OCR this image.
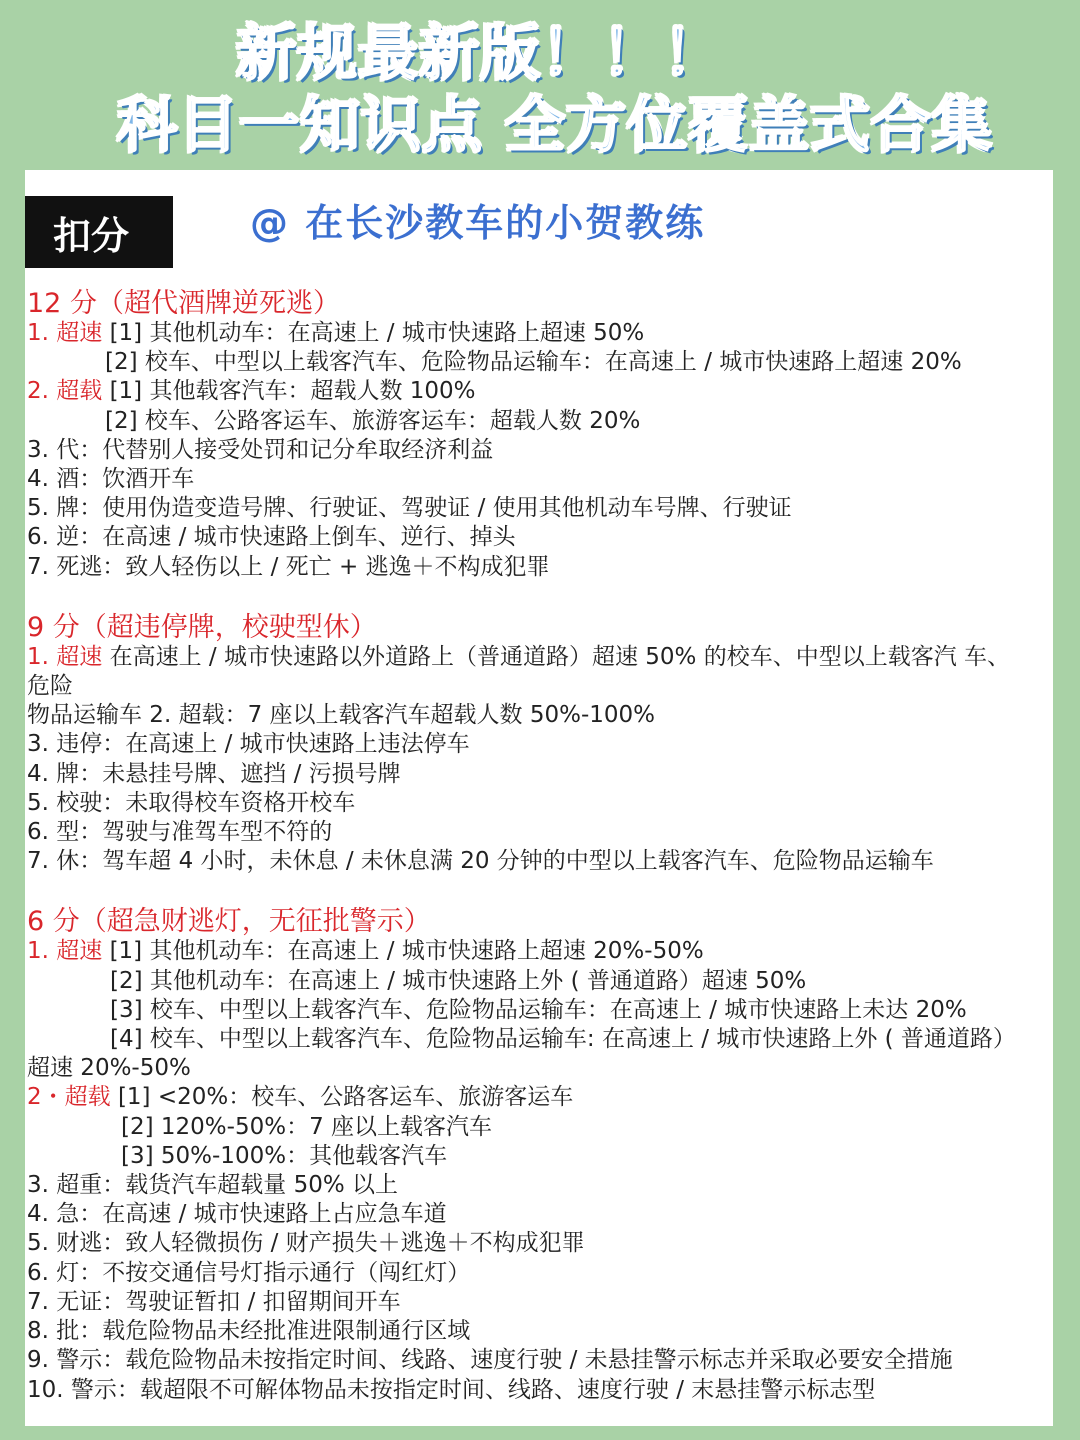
新规最新版！！！
科目一知识点 全方位覆盖式合集
扣分	@ 在长沙教车的小贺教练
12 分（超代酒牌逆死逃）
1. 超速 [1] 其他机动车：在高速上 / 城市快速路上超速 50%
[2] 校车、中型以上载客汽车、危险物品运输车：在高速上 / 城市快速路上超速 20%
2. 超载 [1] 其他载客汽车：超载人数 100%
[2] 校车、公路客运车、旅游客运车：超载人数 20%
3. 代：代替别人接受处罚和记分牟取经济利益
4. 酒：饮酒开车
5. 牌：使用伪造变造号牌、行驶证、驾驶证 / 使用其他机动车号牌、行驶证
6. 逆：在高速 / 城市快速路上倒车、逆行、掉头
7. 死逃：致人轻伤以上 / 死亡 + 逃逸＋不构成犯罪
9 分（超违停牌，校驶型休）
1. 超速 在高速上 / 城市快速路以外道路上（普通道路）超速 50% 的校车、中型以上载客汽 车、
危险
物品运输车 2. 超载：7 座以上载客汽车超载人数 50%-100%
3. 违停：在高速上 / 城市快速路上违法停车
4. 牌：未悬挂号牌、遮挡 / 污损号牌
5. 校驶：未取得校车资格开校车
6. 型：驾驶与准驾车型不符的
7. 休：驾车超 4 小时，未休息 / 未休息满 20 分钟的中型以上载客汽车、危险物品运输车
6 分（超急财逃灯，无征批警示）
1. 超速 [1] 其他机动车：在高速上 / 城市快速路上超速 20%-50%
[2] 其他机动车：在高速上 / 城市快速路上外 ( 普通道路）超速 50%
[3] 校车、中型以上载客汽车、危险物品运输车：在高速上 / 城市快速路上未达 20%
[4] 校车、中型以上载客汽车、危险物品运输车: 在高速上 / 城市快速路上外 ( 普通道路）
超速 20%-50%
2・超载 [1] <20%：校车、公路客运车、旅游客运车
[2] 120%-50%：7 座以上载客汽车
[3] 50%-100%：其他载客汽车
3. 超重：载货汽车超载量 50% 以上
4. 急：在高速 / 城市快速路上占应急车道
5. 财逃：致人轻微损伤 / 财产损失＋逃逸＋不构成犯罪
6. 灯：不按交通信号灯指示通行（闯红灯）
7. 无证：驾驶证暂扣 / 扣留期间开车
8. 批：载危险物品未经批准进限制通行区域
9. 警示：载危险物品未按指定时间、线路、速度行驶 / 未悬挂警示标志并采取必要安全措施
10. 警示：载超限不可解体物品未按指定时间、线路、速度行驶 / 末悬挂警示标志型
